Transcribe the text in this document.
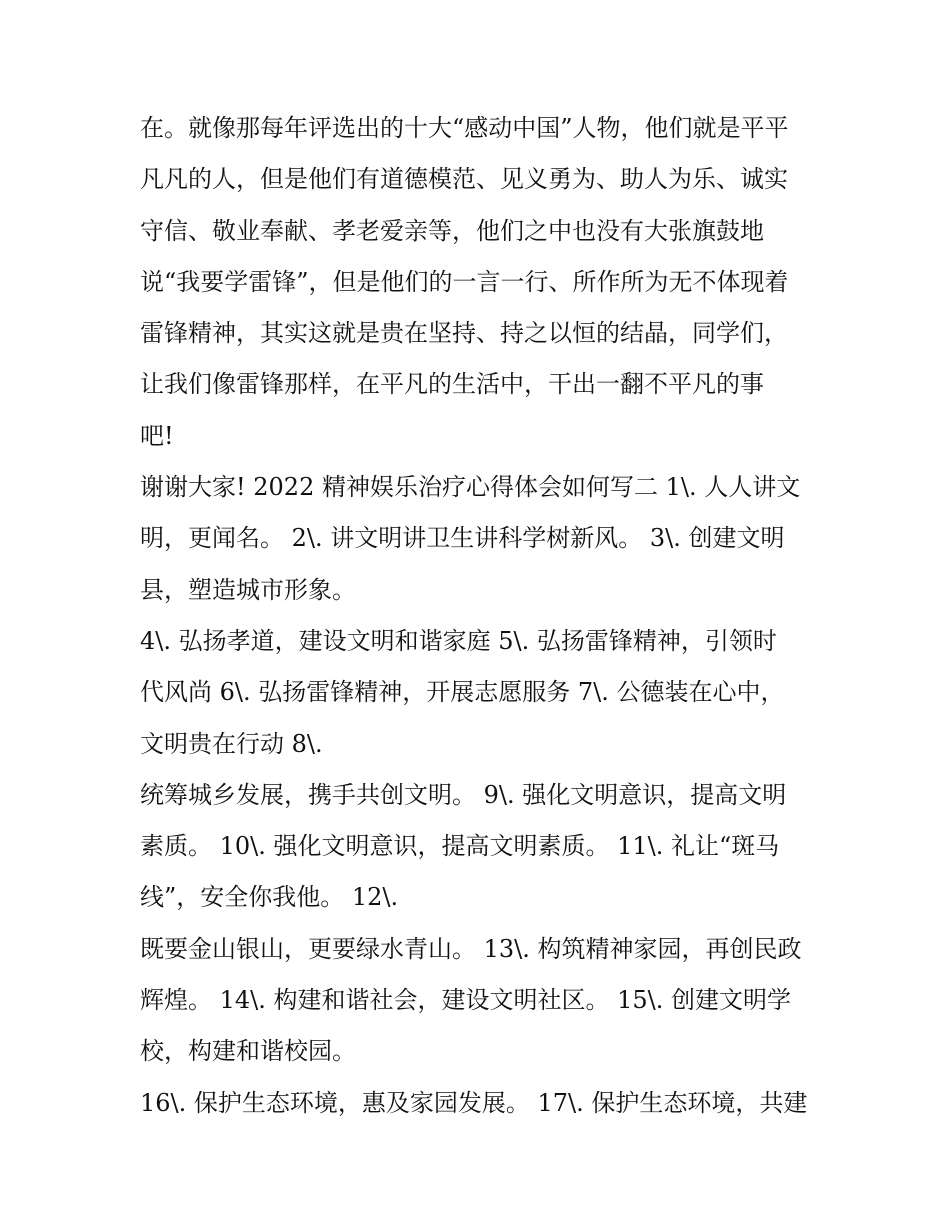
在。就像那每年评选出的十大“感动中国”人物，他们就是平平
凡凡的人，但是他们有道德模范、见义勇为、助人为乐、诚实
守信、敬业奉献、孝老爱亲等，他们之中也没有大张旗鼓地
说“我要学雷锋”，但是他们的一言一行、所作所为无不体现着
雷锋精神，其实这就是贵在坚持、持之以恒的结晶，同学们，
让我们像雷锋那样，在平凡的生活中，干出一翻不平凡的事
吧!
谢谢大家! 2022 精神娱乐治疗心得体会如何写二 1\. 人人讲文
明，更闻名。 2\. 讲文明讲卫生讲科学树新风。 3\. 创建文明
县，塑造城市形象。
4\. 弘扬孝道，建设文明和谐家庭 5\. 弘扬雷锋精神，引领时
代风尚 6\. 弘扬雷锋精神，开展志愿服务 7\. 公德装在心中，
文明贵在行动 8\.
统筹城乡发展，携手共创文明。 9\. 强化文明意识，提高文明
素质。 10\. 强化文明意识，提高文明素质。 11\. 礼让“斑马
线”，安全你我他。 12\.
既要金山银山，更要绿水青山。 13\. 构筑精神家园，再创民政
辉煌。 14\. 构建和谐社会，建设文明社区。 15\. 创建文明学
校，构建和谐校园。
16\. 保护生态环境，惠及家园发展。 17\. 保护生态环境，共建
